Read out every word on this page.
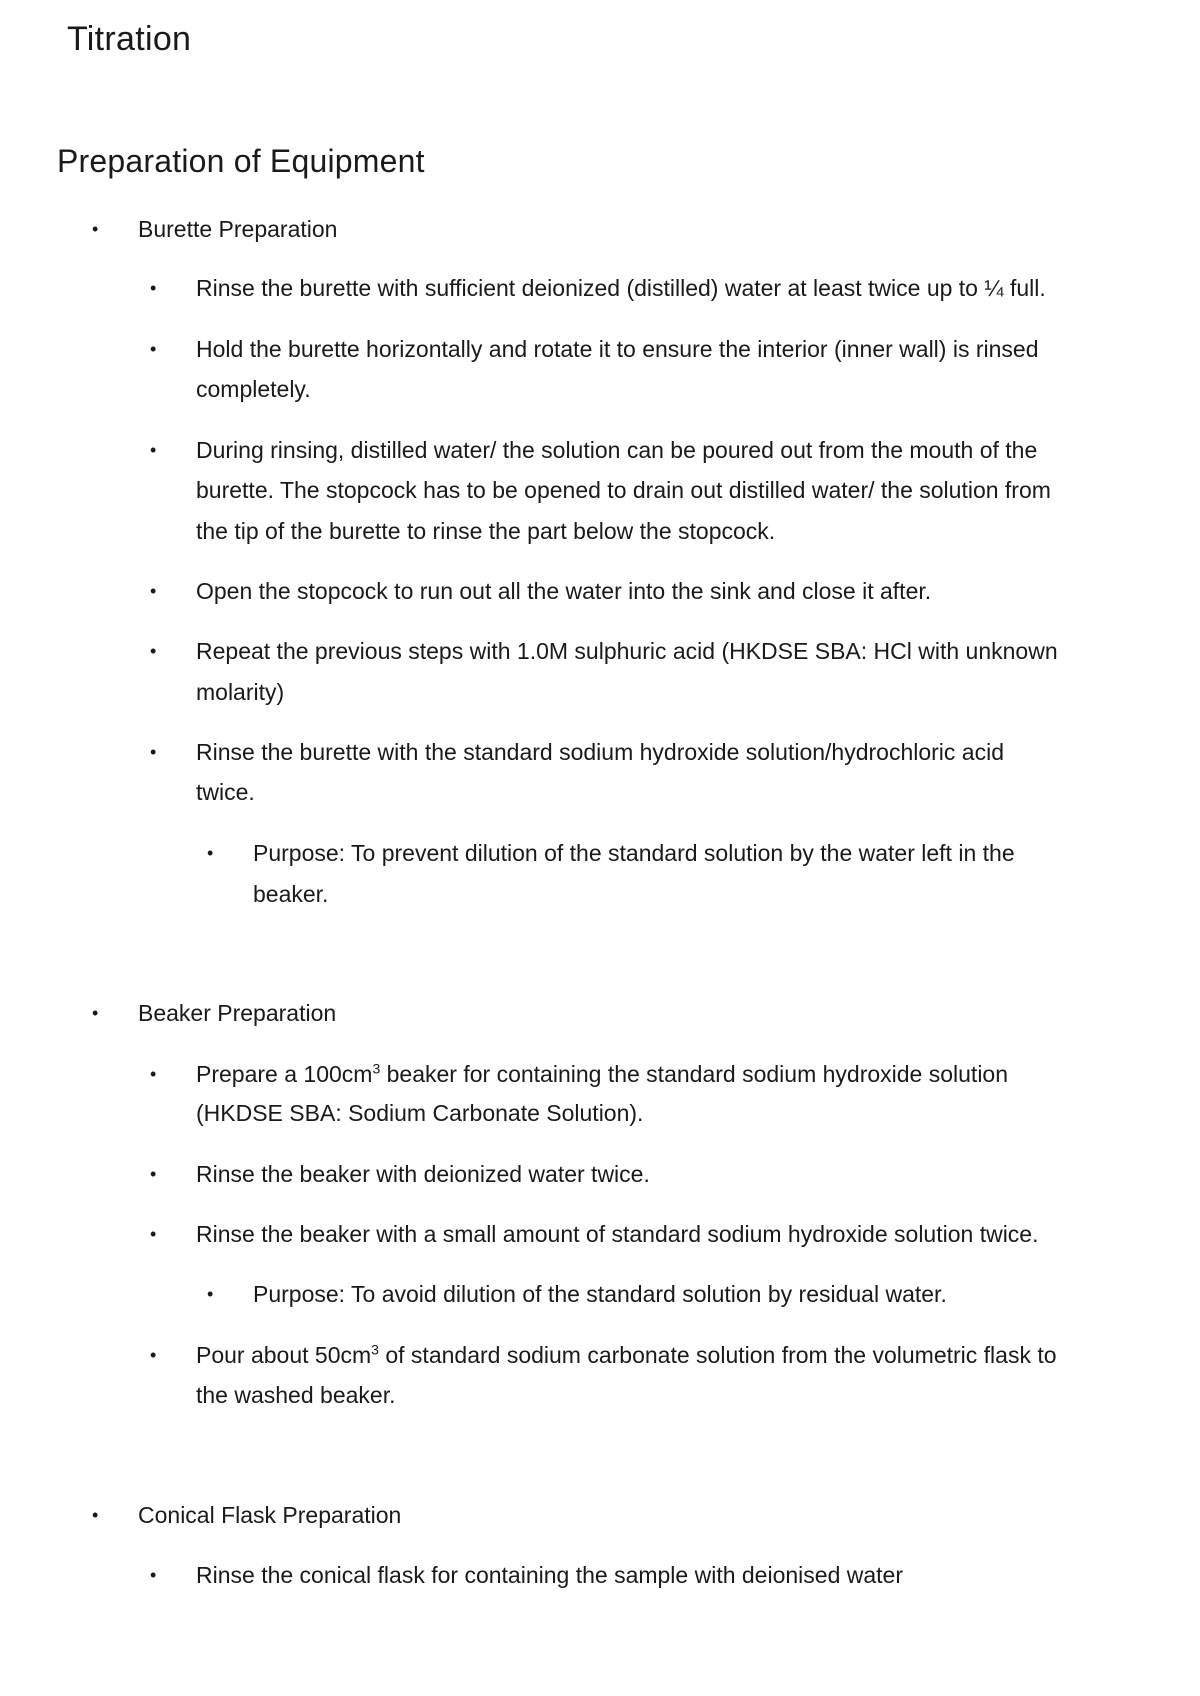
Titration
Preparation of Equipment
• Burette Preparation
• Rinse the burette with sufficient deionized (distilled) water at least twice up to ¼ full.
• Hold the burette horizontally and rotate it to ensure the interior (inner wall) is rinsed
completely.
• During rinsing, distilled water/ the solution can be poured out from the mouth of the
burette. The stopcock has to be opened to drain out distilled water/ the solution from
the tip of the burette to rinse the part below the stopcock.
• Open the stopcock to run out all the water into the sink and close it after.
• Repeat the previous steps with 1.0M sulphuric acid (HKDSE SBA: HCl with unknown
molarity)
• Rinse the burette with the standard sodium hydroxide solution/hydrochloric acid
twice.
• Purpose: To prevent dilution of the standard solution by the water left in the
beaker.
• Beaker Preparation
• Prepare a $100cm^3$ beaker for containing the standard sodium hydroxide solution
(HKDSE SBA: Sodium Carbonate Solution).
• Rinse the beaker with deionized water twice.
• Rinse the beaker with a small amount of standard sodium hydroxide solution twice.
• Purpose: To avoid dilution of the standard solution by residual water.
• Pour about $50cm^3$ of standard sodium carbonate solution from the volumetric flask to
the washed beaker.
• Conical Flask Preparation
• Rinse the conical flask for containing the sample with deionised water
